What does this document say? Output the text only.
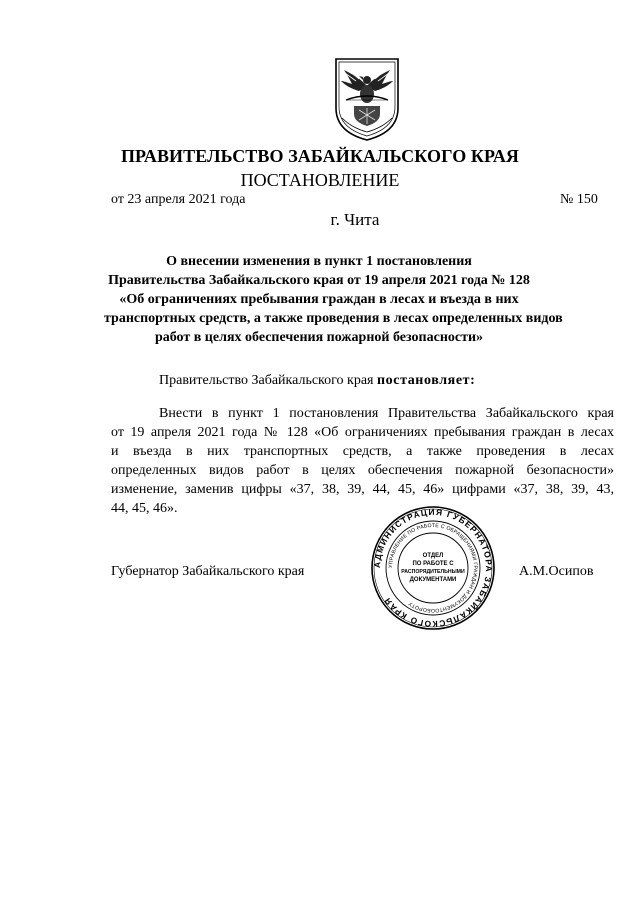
ПРАВИТЕЛЬСТВО ЗАБАЙКАЛЬСКОГО КРАЯ
ПОСТАНОВЛЕНИЕ
от 23 апреля 2021 года	№ 150
г. Чита
О внесении изменения в пункт 1 постановления
Правительства Забайкальского края от 19 апреля 2021 года № 128
«Об ограничениях пребывания граждан в лесах и въезда в них
транспортных средств, а также проведения в лесах определенных видов
работ в целях обеспечения пожарной безопасности»
Правительство Забайкальского края постановляет:
Внести в пункт 1 постановления Правительства Забайкальского края
от 19 апреля 2021 года № 128 «Об ограничениях пребывания граждан в лесах
и въезда в них транспортных средств, а также проведения в лесах
определенных видов работ в целях обеспечения пожарной безопасности»
изменение, заменив цифры «37, 38, 39, 44, 45, 46» цифрами «37, 38, 39, 43,
44, 45, 46».
Губернатор Забайкальского края	А.М.Осипов
АДМИНИСТРАЦИЯ ГУБЕРНАТОРА ЗАБАЙКАЛЬСКОГО КРАЯ
УПРАВЛЕНИЕ ПО РАБОТЕ С ОБРАЩЕНИЯМИ ГРАЖДАН И ДОКУМЕНТООБОРОТУ
ОТДЕЛ
ПО РАБОТЕ С
РАСПОРЯДИТЕЛЬНЫМИ
ДОКУМЕНТАМИ
